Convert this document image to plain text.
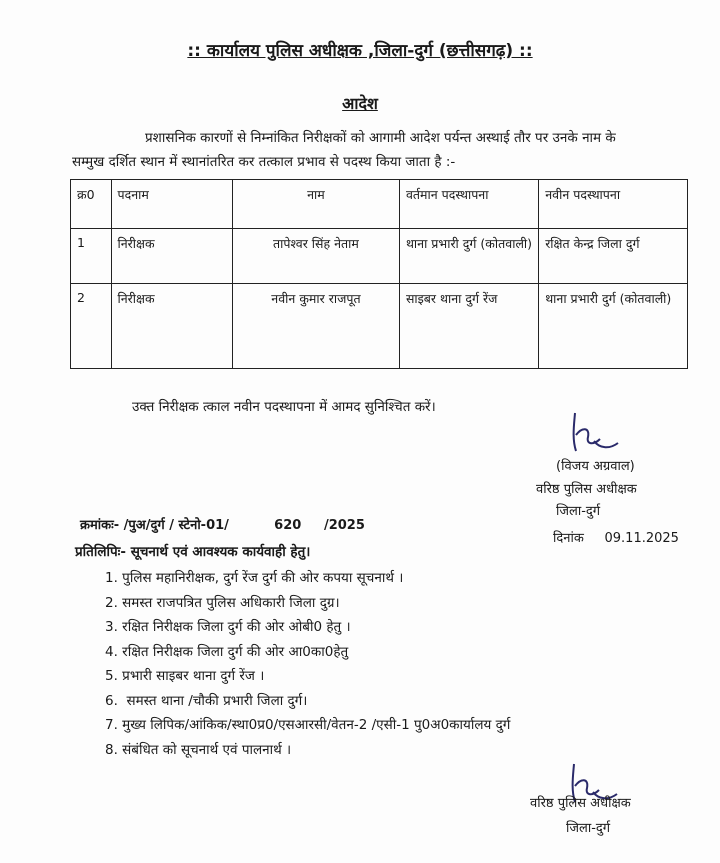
:: कार्यालय पुलिस अधीक्षक ,जिला-दुर्ग (छत्तीसगढ़) ::
आदेश
प्रशासनिक कारणों से निम्नांकित निरीक्षकों को आगामी आदेश पर्यन्त अस्थाई तौर पर उनके नाम के
सम्मुख दर्शित स्थान में स्थानांतरित कर तत्काल प्रभाव से पदस्थ किया जाता है :-
क्र0	पदनाम	नाम	वर्तमान पदस्थापना	नवीन पदस्थापना
1	निरीक्षक	तापेश्वर सिंह नेताम	थाना प्रभारी दुर्ग (कोतवाली)	रक्षित केन्द्र जिला दुर्ग
2	निरीक्षक	नवीन कुमार राजपूत	साइबर थाना दुर्ग रेंज	थाना प्रभारी दुर्ग (कोतवाली)
उक्त निरीक्षक त्काल नवीन पदस्थापना में आमद सुनिश्चित करें।
(विजय अग्रवाल)
वरिष्ठ पुलिस अधीक्षक
जिला-दुर्ग
क्रमांकः- /पुअ/दुर्ग / स्टेनो-01/          620     /2025
दिनांक     09.11.2025
प्रतिलिपिः- सूचनार्थ एवं आवश्यक कार्यवाही हेतु।
1. पुलिस महानिरीक्षक, दुर्ग रेंज दुर्ग की ओर कपया सूचनार्थ ।
2. समस्त राजपत्रित पुलिस अधिकारी जिला दुग्र।
3. रक्षित निरीक्षक जिला दुर्ग की ओर ओबी0 हेतु ।
4. रक्षित निरीक्षक जिला दुर्ग की ओर आ0का0हेतु
5. प्रभारी साइबर थाना दुर्ग रेंज ।
6.  समस्त थाना /चौकी प्रभारी जिला दुर्ग।
7. मुख्य लिपिक/आंकिक/स्था0प्र0/एसआरसी/वेतन-2 /एसी-1 पु0अ0कार्यालय दुर्ग
8. संबंधित को सूचनार्थ एवं पालनार्थ ।
वरिष्ठ पुलिस अधीक्षक
जिला-दुर्ग
